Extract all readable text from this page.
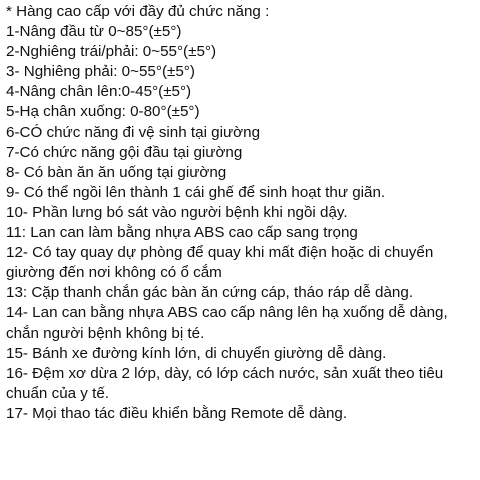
* Hàng cao cấp với đầy đủ chức năng :

1-Nâng đầu từ 0~85°(±5°)

2-Nghiêng trái/phải: 0~55°(±5°)

3- Nghiêng phải: 0~55°(±5°)

4-Nâng chân lên:0-45°(±5°)

5-Hạ chân xuống: 0-80°(±5°)

6-CÓ chức năng đi vệ sinh tại giường

7-Có chức năng gội đầu tại giường

8- Có bàn ăn ăn uống tại giường

9- Có thể ngồi lên thành 1 cái ghế để sinh hoạt thư giãn.

10- Phần lưng bó sát vào người bệnh khi ngồi dậy.

11: Lan can làm bằng nhựa ABS cao cấp sang trọng

12- Có tay quay dự phòng để quay khi mất điện hoặc di chuyển giường đến nơi không có ổ cắm

13: Cặp thanh chắn gác bàn ăn cứng cáp, tháo ráp dễ dàng.

14- Lan can bằng nhựa ABS cao cấp nâng lên hạ xuống dễ dàng, chắn người bệnh không bị té.

15- Bánh xe đường kính lớn, di chuyển giường dễ dàng.

16- Đệm xơ dừa 2 lớp, dày, có lớp cách nước, sản xuất theo tiêu chuẩn của y tế.

17- Mọi thao tác điều khiển bằng Remote dễ dàng.
